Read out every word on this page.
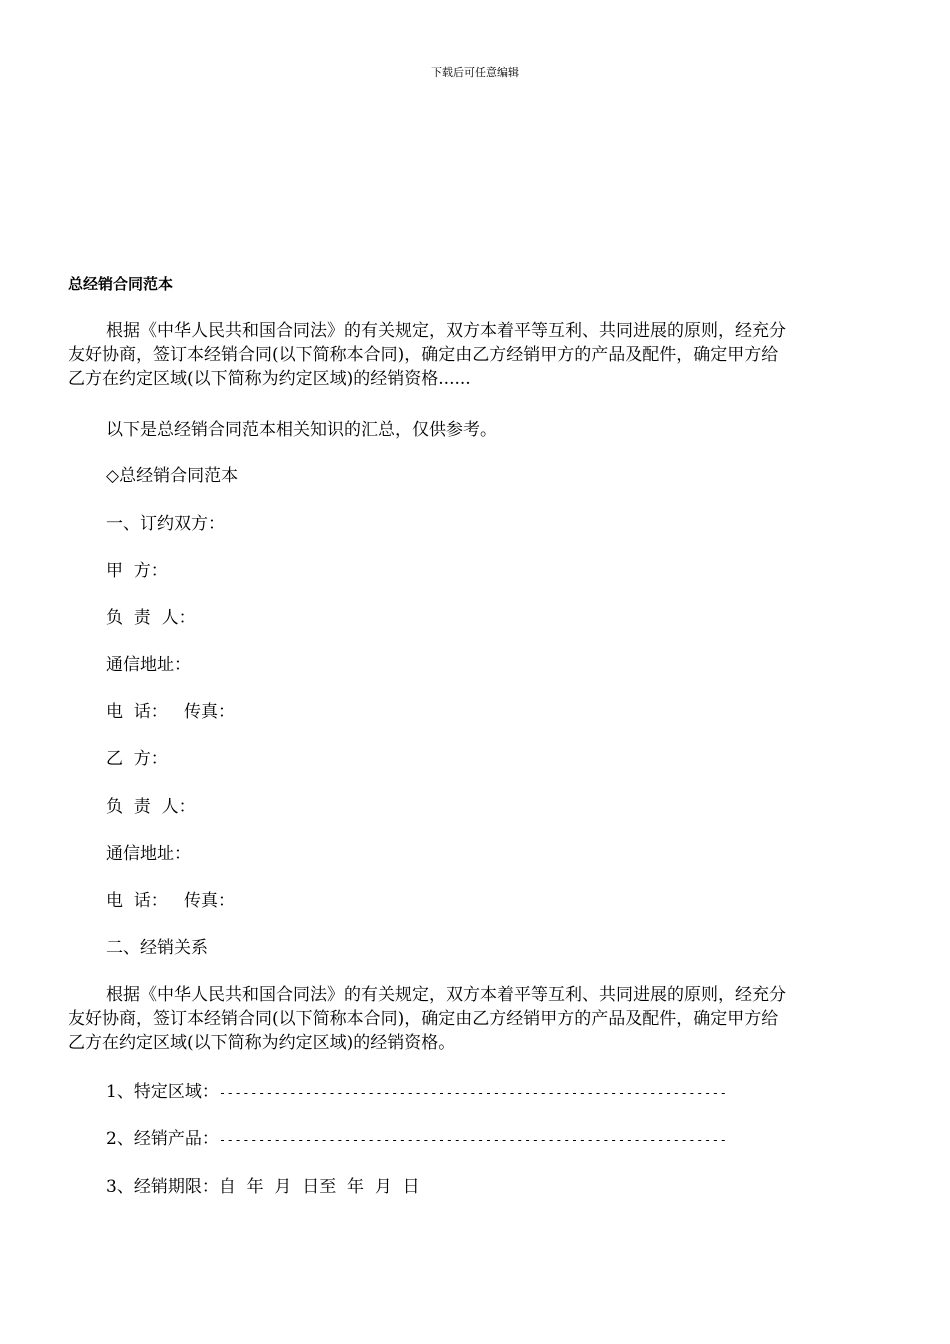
下载后可任意编辑
总经销合同范本
根据《中华人民共和国合同法》的有关规定，双方本着平等互利、共同进展的原则，经充分
友好协商，签订本经销合同(以下简称本合同)，确定由乙方经销甲方的产品及配件，确定甲方给
乙方在约定区域(以下简称为约定区域)的经销资格......
以下是总经销合同范本相关知识的汇总，仅供参考。
◇总经销合同范本
一、订约双方：
甲  方：
负  责  人：
通信地址：
电  话：   传真：
乙  方：
负  责  人：
通信地址：
电  话：   传真：
二、经销关系
根据《中华人民共和国合同法》的有关规定，双方本着平等互利、共同进展的原则，经充分
友好协商，签订本经销合同(以下简称本合同)，确定由乙方经销甲方的产品及配件，确定甲方给
乙方在约定区域(以下简称为约定区域)的经销资格。
1、特定区域：-----------------------------------------------------------------
2、经销产品：-----------------------------------------------------------------
3、经销期限：自  年  月  日至  年  月  日
